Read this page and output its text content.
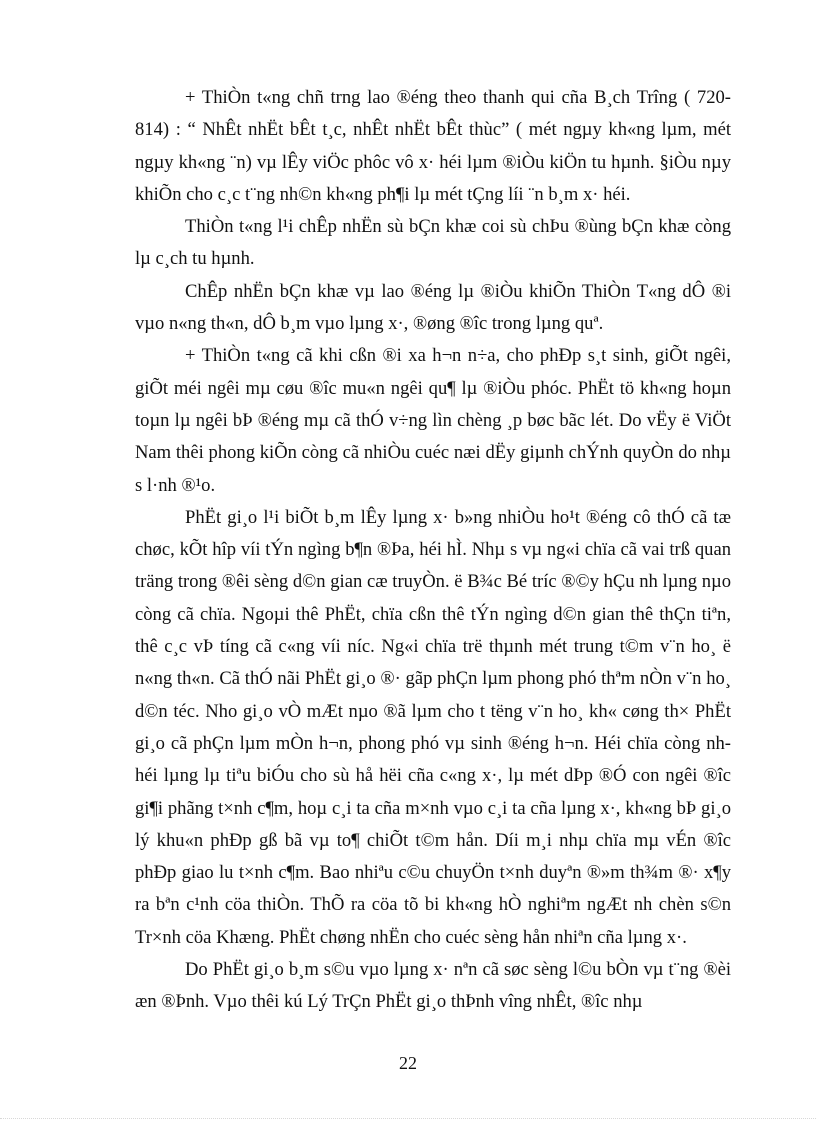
+ ThiÒn t«ng chñ trng lao ®éng theo thanh qui cña B¸ch Trîng ( 720-814) : “ NhÊt nhËt bÊt t¸c, nhÊt nhËt bÊt thùc” ( mét ngµy kh«ng lµm, mét ngµy kh«ng ¨n) vµ lÊy viÖc phôc vô x· héi lµm ®iÒu kiÖn tu hµnh. §iÒu nµy khiÕn cho c¸c t¨ng nh©n kh«ng ph¶i lµ mét tÇng líi ¨n b¸m x· héi.

ThiÒn t«ng l¹i chÊp nhËn sù bÇn khæ coi sù chÞu ®ùng bÇn khæ còng lµ c¸ch tu hµnh.

ChÊp nhËn bÇn khæ vµ lao ®éng lµ ®iÒu khiÕn ThiÒn T«ng dÔ ®i vµo n«ng th«n, dÔ b¸m vµo lµng x·, ®øng ®îc trong lµng quª.

+ ThiÒn t«ng cã khi cßn ®i xa h¬n n÷a, cho phÐp s¸t sinh, giÕt ngêi, giÕt méi ngêi mµ cøu ®îc mu«n ngêi qu¶ lµ ®iÒu phóc. PhËt tö kh«ng hoµn toµn lµ ngêi bÞ ®éng mµ cã thÓ v÷ng lìn chèng ¸p bøc bãc lét. Do vËy ë ViÖt Nam thêi phong kiÕn còng cã nhiÒu cuéc næi dËy giµnh chÝnh quyÒn do nhµ s l·nh ®¹o.

PhËt gi¸o l¹i biÕt b¸m lÊy lµng x· b»ng nhiÒu ho¹t ®éng cô thÓ cã tæ chøc, kÕt hîp víi tÝn ngìng b¶n ®Þa, héi hÌ. Nhµ s vµ ng«i chïa cã vai trß quan träng trong ®êi sèng d©n gian cæ truyÒn. ë B¾c Bé tríc ®©y hÇu nh lµng nµo còng cã chïa. Ngoµi thê PhËt, chïa cßn thê tÝn ngìng d©n gian thê thÇn tiªn, thê c¸c vÞ tíng cã c«ng víi níc. Ng«i chïa trë thµnh mét trung t©m v¨n ho¸ ë n«ng th«n. Cã thÓ nãi PhËt gi¸o ®· gãp phÇn lµm phong phó thªm nÒn v¨n ho¸ d©n téc. Nho gi¸o vÒ mÆt nµo ®ã lµm cho t tëng v¨n ho¸ kh« cøng th× PhËt gi¸o cã phÇn lµm mÒn h¬n, phong phó vµ sinh ®éng h¬n. Héi chïa còng nh héi lµng lµ tiªu biÓu cho sù hå hëi cña c«ng x·, lµ mét dÞp ®Ó con ngêi ®îc gi¶i phãng t×nh c¶m, hoµ c¸i ta cña m×nh vµo c¸i ta cña lµng x·, kh«ng bÞ gi¸o lý khu«n phÐp gß bã vµ to¶ chiÕt t©m hån. Díi m¸i nhµ chïa mµ vÉn ®îc phÐp giao lu t×nh c¶m. Bao nhiªu c©u chuyÖn t×nh duyªn ®»m th¾m ®· x¶y ra bªn c¹nh cöa thiÒn. ThÕ ra cöa tõ bi kh«ng hÒ nghiªm ngÆt nh chèn s©n Tr×nh cöa Khæng. PhËt chøng nhËn cho cuéc sèng hån nhiªn cña lµng x·.

Do PhËt gi¸o b¸m s©u vµo lµng x· nªn cã søc sèng l©u bÒn vµ t¨ng ®èi æn ®Þnh. Vµo thêi kú Lý TrÇn PhËt gi¸o thÞnh vîng nhÊt, ®îc nhµ

22
